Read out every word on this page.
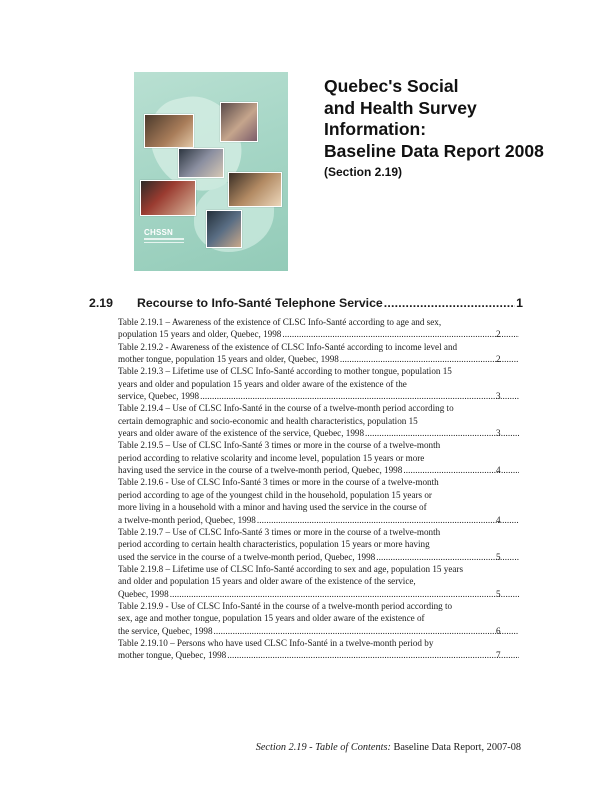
CHSSN
Quebec's Social
and Health Survey
Information:
Baseline Data Report 2008
(Section 2.19)
2.19	Recourse to Info-Santé Telephone Service .....	1
Table 2.19.1 – Awareness of the existence of CLSC Info-Santé according to age and sex,
population 15 years and older, Quebec, 1998 .....	2
Table 2.19.2 - Awareness of the existence of CLSC Info-Santé according to income level and
mother tongue, population 15 years and older, Quebec, 1998 .....	2
Table 2.19.3 – Lifetime use of CLSC Info-Santé according to mother tongue, population 15
years and older and population 15 years and older aware of the existence of the
service, Quebec, 1998 .....	3
Table 2.19.4 – Use of CLSC Info-Santé in the course of a twelve-month period according to
certain demographic and socio-economic and health characteristics, population 15
years and older aware of the existence of the service, Quebec, 1998 .....	3
Table 2.19.5 – Use of CLSC Info-Santé 3 times or more in the course of a twelve-month
period according to relative scolarity and income level, population 15 years or more
having used the service in the course of a twelve-month period, Quebec, 1998 .....	4
Table 2.19.6 - Use of CLSC Info-Santé 3 times or more in the course of a twelve-month
period according to age of the youngest child in the household, population 15 years or
more living in a household with a minor and having used the service in the course of
a twelve-month period, Quebec, 1998 .....	4
Table 2.19.7 – Use of CLSC Info-Santé 3 times or more in the course of a twelve-month
period according to certain health characteristics, population 15 years or more having
used the service in the course of a twelve-month period, Quebec, 1998 .....	5
Table 2.19.8 – Lifetime use of CLSC Info-Santé according to sex and age, population 15 years
and older and population 15 years and older aware of the existence of the service,
Quebec, 1998 .....	5
Table 2.19.9 - Use of CLSC Info-Santé in the course of a twelve-month period according to
sex, age and mother tongue, population 15 years and older aware of the existence of
the service, Quebec, 1998 .....	6
Table 2.19.10 – Persons who have used CLSC Info-Santé in a twelve-month period by
mother tongue, Quebec, 1998 .....	7
Section 2.19 - Table of Contents: Baseline Data Report, 2007-08
